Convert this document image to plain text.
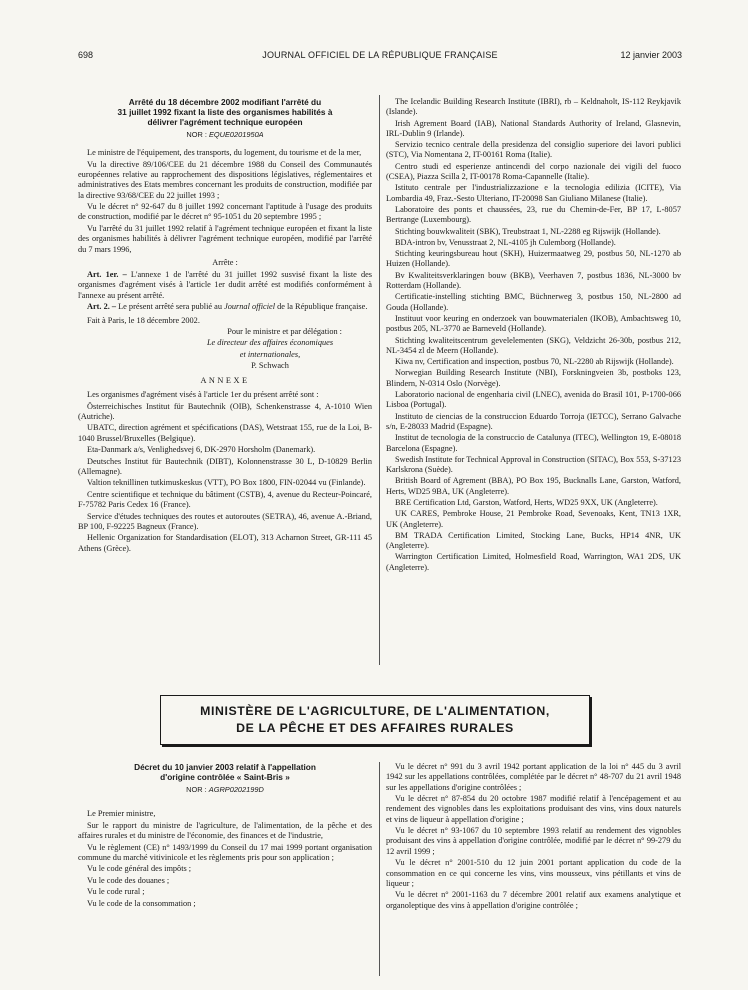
698	JOURNAL OFFICIEL DE LA RÉPUBLIQUE FRANÇAISE	12 janvier 2003
Arrêté du 18 décembre 2002 modifiant l'arrêté du
31 juillet 1992 fixant la liste des organismes habilités à
délivrer l'agrément technique européen
NOR : EQUE0201950A

Le ministre de l'équipement, des transports, du logement, du tourisme et de la mer,

Vu la directive 89/106/CEE du 21 décembre 1988 du Conseil des Communautés européennes relative au rapprochement des dispositions législatives, réglementaires et administratives des Etats membres concernant les produits de construction, modifiée par la directive 93/68/CEE du 22 juillet 1993 ;

Vu le décret n° 92-647 du 8 juillet 1992 concernant l'aptitude à l'usage des produits de construction, modifié par le décret n° 95-1051 du 20 septembre 1995 ;

Vu l'arrêté du 31 juillet 1992 relatif à l'agrément technique européen et fixant la liste des organismes habilités à délivrer l'agrément technique européen, modifié par l'arrêté du 7 mars 1996,

Arrête :

Art. 1er. – L'annexe 1 de l'arrêté du 31 juillet 1992 susvisé fixant la liste des organismes d'agrément visés à l'article 1er dudit arrêté est modifiés conformément à l'annexe au présent arrêté.

Art. 2. – Le présent arrêté sera publié au Journal officiel de la République française.

Fait à Paris, le 18 décembre 2002.

Pour le ministre et par délégation :

Le directeur des affaires économiques

et internationales,

P. Schwach

ANNEXE

Les organismes d'agrément visés à l'article 1er du présent arrêté sont :

Österreichisches Institut für Bautechnik (OIB), Schenkenstrasse 4, A-1010 Wien (Autriche).

UBATC, direction agrément et spécifications (DAS), Wetstraat 155, rue de la Loi, B-1040 Brussel/Bruxelles (Belgique).

Eta-Danmark a/s, Venlighedsvej 6, DK-2970 Horsholm (Danemark).

Deutsches Institut für Bautechnik (DIBT), Kolonnenstrasse 30 L, D-10829 Berlin (Allemagne).

Valtion teknillinen tutkimuskeskus (VTT), PO Box 1800, FIN-02044 vu (Finlande).

Centre scientifique et technique du bâtiment (CSTB), 4, avenue du Recteur-Poincaré, F-75782 Paris Cedex 16 (France).

Service d'études techniques des routes et autoroutes (SETRA), 46, avenue A.-Briand, BP 100, F-92225 Bagneux (France).

Hellenic Organization for Standardisation (ELOT), 313 Acharnon Street, GR-111 45 Athens (Grèce).

The Icelandic Building Research Institute (IBRI), rb – Keldnaholt, IS-112 Reykjavik (Islande).

Irish Agrement Board (IAB), National Standards Authority of Ireland, Glasnevin, IRL-Dublin 9 (Irlande).

Servizio tecnico centrale della presidenza del consiglio superiore dei lavori publici (STC), Via Nomentana 2, IT-00161 Roma (Italie).

Centro studi ed esperienze antincendi del corpo nazionale dei vigili del fuoco (CSEA), Piazza Scilla 2, IT-00178 Roma-Capannelle (Italie).

Istituto centrale per l'industrializzazione e la tecnologia edilizia (ICITE), Via Lombardia 49, Fraz.-Sesto Ulteriano, IT-20098 San Giuliano Milanese (Italie).

Laboratoire des ponts et chaussées, 23, rue du Chemin-de-Fer, BP 17, L-8057 Bertrange (Luxembourg).

Stichting bouwkwaliteit (SBK), Treubstraat 1, NL-2288 eg Rijswijk (Hollande).

BDA-intron bv, Venusstraat 2, NL-4105 jh Culemborg (Hollande).

Stichting keuringsbureau hout (SKH), Huizermaatweg 29, postbus 50, NL-1270 ab Huizen (Hollande).

Bv Kwaliteitsverklaringen bouw (BKB), Veerhaven 7, postbus 1836, NL-3000 bv Rotterdam (Hollande).

Certificatie-instelling stichting BMC, Büchnerweg 3, postbus 150, NL-2800 ad Gouda (Hollande).

Instituut voor keuring en onderzoek van bouwmaterialen (IKOB), Ambachtsweg 10, postbus 205, NL-3770 ae Barneveld (Hollande).

Stichting kwaliteitscentrum gevelelementen (SKG), Veldzicht 26-30b, postbus 212, NL-3454 zl de Meern (Hollande).

Kiwa nv, Certification and inspection, postbus 70, NL-2280 ab Rijswijk (Hollande).

Norwegian Building Research Institute (NBI), Forskningveien 3b, postboks 123, Blindern, N-0314 Oslo (Norvège).

Laboratorio nacional de engenharia civil (LNEC), avenida do Brasil 101, P-1700-066 Lisboa (Portugal).

Instituto de ciencias de la construccion Eduardo Torroja (IETCC), Serrano Galvache s/n, E-28033 Madrid (Espagne).

Institut de tecnologia de la construccio de Catalunya (ITEC), Wellington 19, E-08018 Barcelona (Espagne).

Swedish Institute for Technical Approval in Construction (SITAC), Box 553, S-37123 Karlskrona (Suède).

British Board of Agrement (BBA), PO Box 195, Bucknalls Lane, Garston, Watford, Herts, WD25 9BA, UK (Angleterre).

BRE Certification Ltd, Garston, Watford, Herts, WD25 9XX, UK (Angleterre).

UK CARES, Pembroke House, 21 Pembroke Road, Sevenoaks, Kent, TN13 1XR, UK (Angleterre).

BM TRADA Certification Limited, Stocking Lane, Bucks, HP14 4NR, UK (Angleterre).

Warrington Certification Limited, Holmesfield Road, Warrington, WA1 2DS, UK (Angleterre).

MINISTÈRE DE L'AGRICULTURE, DE L'ALIMENTATION,
DE LA PÊCHE ET DES AFFAIRES RURALES
Décret du 10 janvier 2003 relatif à l'appellation
d'origine contrôlée « Saint-Bris »
NOR : AGRP0202199D

Le Premier ministre,

Sur le rapport du ministre de l'agriculture, de l'alimentation, de la pêche et des affaires rurales et du ministre de l'économie, des finances et de l'industrie,

Vu le règlement (CE) n° 1493/1999 du Conseil du 17 mai 1999 portant organisation commune du marché vitivinicole et les règlements pris pour son application ;

Vu le code général des impôts ;

Vu le code des douanes ;

Vu le code rural ;

Vu le code de la consommation ;

Vu le décret n° 991 du 3 avril 1942 portant application de la loi n° 445 du 3 avril 1942 sur les appellations contrôlées, complétée par le décret n° 48-707 du 21 avril 1948 sur les appellations d'origine contrôlées ;

Vu le décret n° 87-854 du 20 octobre 1987 modifié relatif à l'encépagement et au rendement des vignobles dans les exploitations produisant des vins, vins doux naturels et vins de liqueur à appellation d'origine ;

Vu le décret n° 93-1067 du 10 septembre 1993 relatif au rendement des vignobles produisant des vins à appellation d'origine contrôlée, modifié par le décret n° 99-279 du 12 avril 1999 ;

Vu le décret n° 2001-510 du 12 juin 2001 portant application du code de la consommation en ce qui concerne les vins, vins mousseux, vins pétillants et vins de liqueur ;

Vu le décret n° 2001-1163 du 7 décembre 2001 relatif aux examens analytique et organoleptique des vins à appellation d'origine contrôlée ;
